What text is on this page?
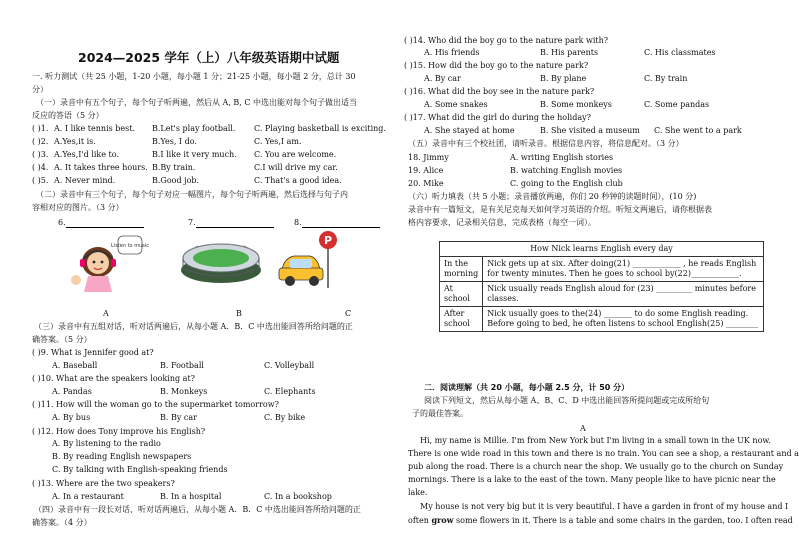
2024—2025 学年（上）八年级英语期中试题
一. 听力测试（共 25 小题，1-20 小题，每小题 1 分；21-25 小题，每小题 2 分，总计 30
分）
（一）录音中有五个句子，每个句子听两遍，然后从 A, B, C 中选出能对每个句子做出适当
反应的答语（5 分）
( )1. A. I like tennis best. B.Let's play football. C. Playing basketball is exciting.
( )2. A.Yes,it is.	B.Yes, I do.	C. Yes,I am.
( )3. A.Yes,I'd like to.	B.I like it very much. C. You are welcome.
( )4. A. It takes three hours. B.By train.	C.I will drive my car.
( )5. A. Never mind.	B.Good job.	C. That's a good idea.
（二）录音中有三个句子，每个句子对应一幅图片，每个句子听两遍，然后选择与句子内
容相对应的图片。（3 分）
6.	7.	8.
Listen to music	P
A	B	C
（三）录音中有五组对话，听对话两遍后，从每小题 A．B．C 中选出能回答所给问题的正
确答案。（5 分）
( )9. What is Jennifer good at?
A. Baseball	B. Football	C. Volleyball
( )10. What are the speakers looking at?
A. Pandas	B. Monkeys	C. Elephants
( )11. How will the woman go to the supermarket tomorrow?
A. By bus	B. By car	C. By bike
( )13. Where are the two speakers?
A. In a restaurant	B. In a hospital	C. In a bookshop
( )12. How does Tony improve his English?
A. By listening to the radio
B. By reading English newspapers
C. By talking with English-speaking friends
（四）录音中有一段长对话，听对话两遍后，从每小题 A．B．C 中选出能回答所给问题的正
确答案。（4 分）
( )14. Who did the boy go to the nature park with?
A. His friends	B. His parents	C. His classmates
( )15. How did the boy go to the nature park?
A. By car	B. By plane	C. By train
( )16. What did the boy see in the nature park?
A. Some snakes	B. Some monkeys	C. Some pandas
( )17. What did the girl do during the holiday?
A. She stayed at home	B. She visited a museum C. She went to a park
（五）录音中有三个校社团，请听录音。根据信息内容，将信息配对。（3 分）
18. Jimmy	A. writing English stories
19. Alice	B. watching English movies
20. Mike	C. going to the English club
（六）听力填表（共 5 小题；录音播放两遍，你们 20 秒钟的读题时间），(10 分)
录音中有一篇短文，是有关尼克每天如何学习英语的介绍。听短文两遍后，请你根据表
格内容要求，记录相关信息，完成表格（每空一词）。
How Nick learns English every day	
In the morning	Nick gets up at six. After doing(21) ____________ , he reads English for twenty minutes. Then he goes to school by(22)____________.
At school	Nick usually reads English aloud for (23) _________ minutes before classes.
After school	Nick usually goes to the(24) _______ to do some English reading. Before going to bed, he often listens to school English(25) ________
二．阅读理解（共 20 小题，每小题 2.5 分，计 50 分）
阅读下列短文，然后从每小题 A、B、C、D 中选出能回答所提问题或完成所给句
子的最佳答案。
A
Hi, my name is Millie. I'm from New York but I'm living in a small town in the UK now.
There is one wide road in this town and there is no train. You can see a shop, a restaurant and a
pub along the road. There is a church near the shop. We usually go to the church on Sunday
mornings. There is a lake to the east of the town. Many people like to have picnic near the
lake.
My house is not very big but it is very beautiful. I have a garden in front of my house and I
often grow some flowers in it. There is a table and some chairs in the garden, too. I often read
